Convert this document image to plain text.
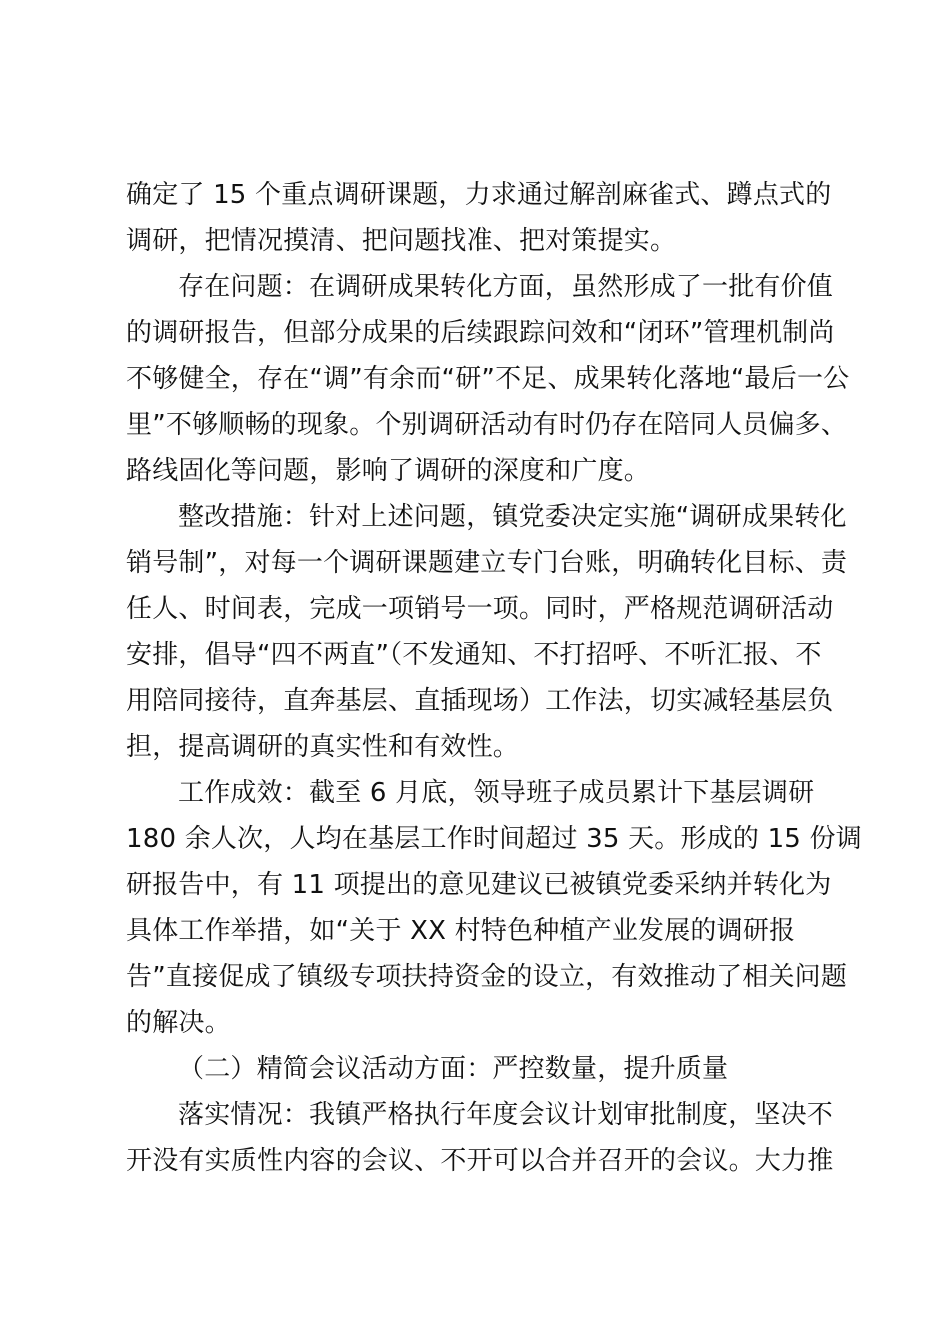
确定了 15 个重点调研课题，力求通过解剖麻雀式、蹲点式的
调研，把情况摸清、把问题找准、把对策提实。
存在问题：在调研成果转化方面，虽然形成了一批有价值
的调研报告，但部分成果的后续跟踪问效和“闭环”管理机制尚
不够健全，存在“调”有余而“研”不足、成果转化落地“最后一公
里”不够顺畅的现象。个别调研活动有时仍存在陪同人员偏多、
路线固化等问题，影响了调研的深度和广度。
整改措施：针对上述问题，镇党委决定实施“调研成果转化
销号制”，对每一个调研课题建立专门台账，明确转化目标、责
任人、时间表，完成一项销号一项。同时，严格规范调研活动
安排，倡导“四不两直”（不发通知、不打招呼、不听汇报、不
用陪同接待，直奔基层、直插现场）工作法，切实减轻基层负
担，提高调研的真实性和有效性。
工作成效：截至 6 月底，领导班子成员累计下基层调研
180 余人次，人均在基层工作时间超过 35 天。形成的 15 份调
研报告中，有 11 项提出的意见建议已被镇党委采纳并转化为
具体工作举措，如“关于 XX 村特色种植产业发展的调研报
告”直接促成了镇级专项扶持资金的设立，有效推动了相关问题
的解决。
（二）精简会议活动方面：严控数量，提升质量
落实情况：我镇严格执行年度会议计划审批制度，坚决不
开没有实质性内容的会议、不开可以合并召开的会议。大力推
